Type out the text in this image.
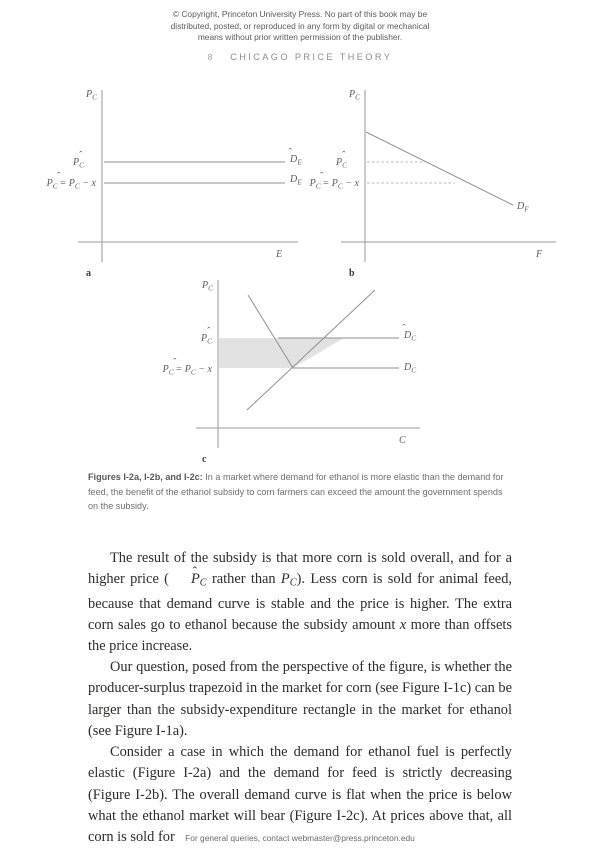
© Copyright, Princeton University Press. No part of this book may be
distributed, posted, or reproduced in any form by digital or mechanical
means without prior written permission of the publisher.
8 CHICAGO PRICE THEORY
$P_C$
E
$D_E$
$D_E$
ˆ
$P_C$
ˆ
$P_C = P_C - x$
ˆ
a
$P_C$
F
$D_F$
$P_C$
ˆ
$P_C = P_C - x$
ˆ
b
$P_C$
C
$D_C$
ˆ
$D_C$
$P_C$
ˆ
$P_C = P_C - x$
ˆ
c
Figures I-2a, I-2b, and I-2c: In a market where demand for ethanol is more elastic than the demand for feed, the benefit of the ethanol subsidy to corn farmers can exceed the amount the government spends on the subsidy.

The result of the subsidy is that more corn is sold overall, and for a higher price ( P ˆ$_C$ rather than $P_C$). Less corn is sold for animal feed, because that demand curve is stable and the price is higher. The extra corn sales go to ethanol because the subsidy amount x more than offsets the price increase.

Our question, posed from the perspective of the figure, is whether the producer-surplus trapezoid in the market for corn (see Figure I-1c) can be larger than the subsidy-expenditure rectangle in the market for ethanol (see Figure I-1a).

Consider a case in which the demand for ethanol fuel is perfectly elastic (Figure I-2a) and the demand for feed is strictly decreasing (Figure I-2b). The overall demand curve is flat when the price is below what the ethanol market will bear (Figure I-2c). At prices above that, all corn is sold for	For general queries, contact webmaster@press.princeton.edu
